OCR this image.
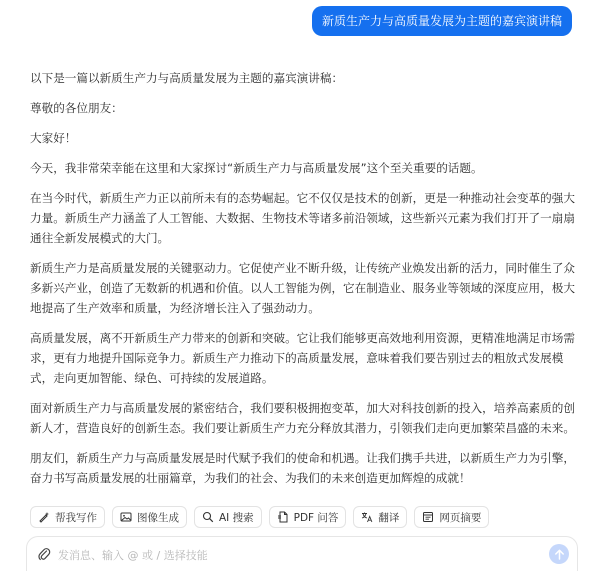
新质生产力与高质量发展为主题的嘉宾演讲稿

以下是一篇以新质生产力与高质量发展为主题的嘉宾演讲稿：

尊敬的各位朋友：

大家好！

今天，我非常荣幸能在这里和大家探讨“新质生产力与高质量发展”这个至关重要的话题。

在当今时代，新质生产力正以前所未有的态势崛起。它不仅仅是技术的创新，更是一种推动社会变革的强大力量。新质生产力涵盖了人工智能、大数据、生物技术等诸多前沿领域，这些新兴元素为我们打开了一扇扇通往全新发展模式的大门。

新质生产力是高质量发展的关键驱动力。它促使产业不断升级，让传统产业焕发出新的活力，同时催生了众多新兴产业，创造了无数新的机遇和价值。以人工智能为例，它在制造业、服务业等领域的深度应用，极大地提高了生产效率和质量，为经济增长注入了强劲动力。

高质量发展，离不开新质生产力带来的创新和突破。它让我们能够更高效地利用资源，更精准地满足市场需求，更有力地提升国际竞争力。新质生产力推动下的高质量发展，意味着我们要告别过去的粗放式发展模式，走向更加智能、绿色、可持续的发展道路。

面对新质生产力与高质量发展的紧密结合，我们要积极拥抱变革，加大对科技创新的投入，培养高素质的创新人才，营造良好的创新生态。我们要让新质生产力充分释放其潜力，引领我们走向更加繁荣昌盛的未来。

朋友们，新质生产力与高质量发展是时代赋予我们的使命和机遇。让我们携手共进，以新质生产力为引擎，奋力书写高质量发展的壮丽篇章，为我们的社会、为我们的未来创造更加辉煌的成就！

帮我写作	图像生成	AI 搜索	PDF 问答	翻译	网页摘要
发消息、输入 @ 或 / 选择技能
